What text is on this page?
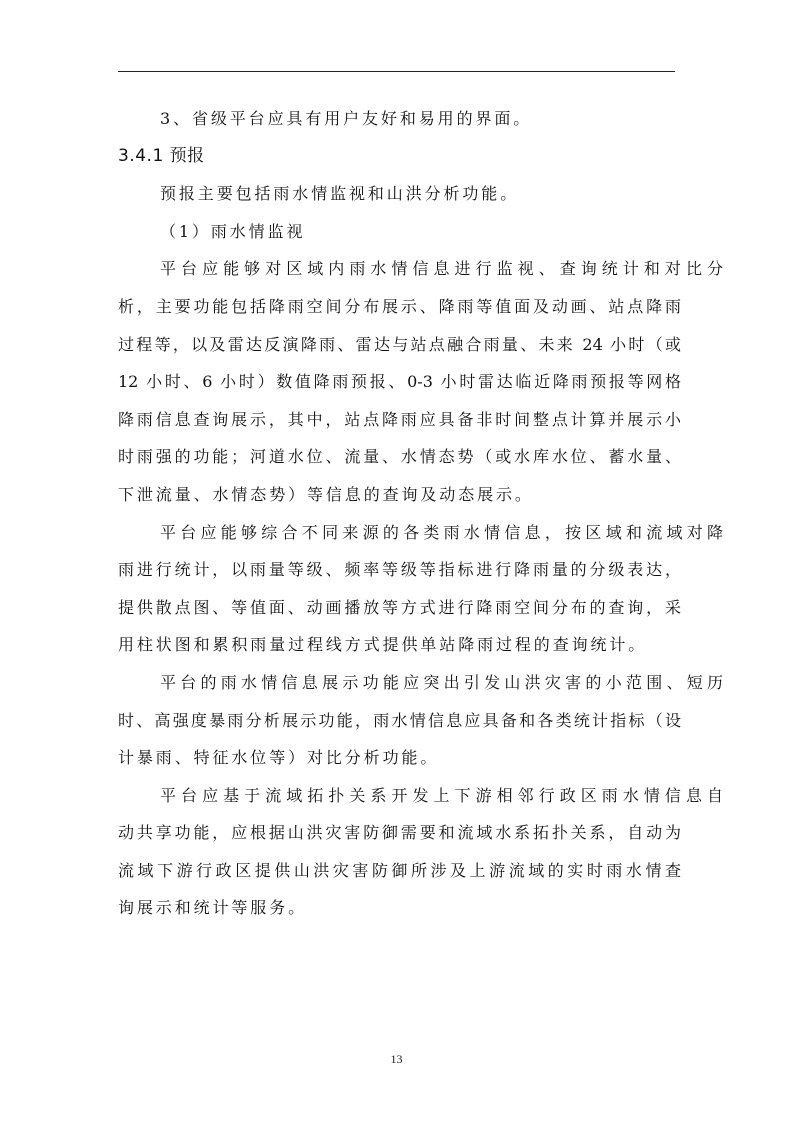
3、省级平台应具有用户友好和易用的界面。
3.4.1 预报
预报主要包括雨水情监视和山洪分析功能。
（1）雨水情监视
平台应能够对区域内雨水情信息进行监视、查询统计和对比分
析，主要功能包括降雨空间分布展示、降雨等值面及动画、站点降雨
过程等，以及雷达反演降雨、雷达与站点融合雨量、未来 24 小时（或
12 小时、6 小时）数值降雨预报、0-3 小时雷达临近降雨预报等网格
降雨信息查询展示，其中，站点降雨应具备非时间整点计算并展示小
时雨强的功能；河道水位、流量、水情态势（或水库水位、蓄水量、
下泄流量、水情态势）等信息的查询及动态展示。
平台应能够综合不同来源的各类雨水情信息，按区域和流域对降
雨进行统计，以雨量等级、频率等级等指标进行降雨量的分级表达，
提供散点图、等值面、动画播放等方式进行降雨空间分布的查询，采
用柱状图和累积雨量过程线方式提供单站降雨过程的查询统计。
平台的雨水情信息展示功能应突出引发山洪灾害的小范围、短历
时、高强度暴雨分析展示功能，雨水情信息应具备和各类统计指标（设
计暴雨、特征水位等）对比分析功能。
平台应基于流域拓扑关系开发上下游相邻行政区雨水情信息自
动共享功能，应根据山洪灾害防御需要和流域水系拓扑关系，自动为
流域下游行政区提供山洪灾害防御所涉及上游流域的实时雨水情查
询展示和统计等服务。
13
